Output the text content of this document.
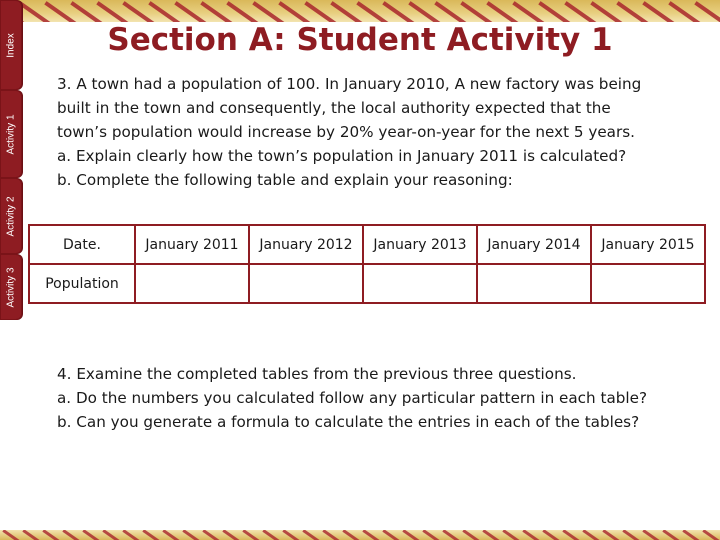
Index
Activity 1
Activity 2
Activity 3
Section A: Student Activity 1

3. A town had a population of 100. In January 2010, A new factory was being

built in the town and consequently, the local authority expected that the

town’s population would increase by 20% year-on-year for the next 5 years.

a. Explain clearly how the town’s population in January 2011 is calculated?

b. Complete the following table and explain your reasoning:

Date.	January 2011	January 2012	January 2013	January 2014	January 2015
Population					

4. Examine the completed tables from the previous three questions.

a. Do the numbers you calculated follow any particular pattern in each table?

b. Can you generate a formula to calculate the entries in each of the tables?
